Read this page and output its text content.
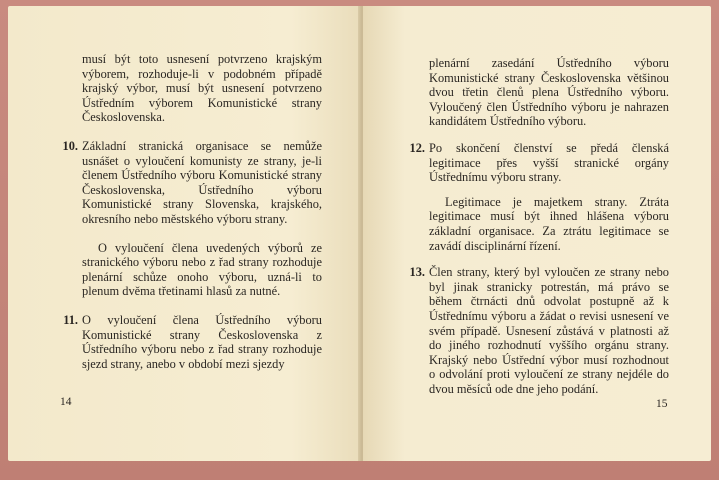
musí být toto usnesení potvrzeno krajským výborem, rozhoduje-li v podobném případě krajský výbor, musí být usnesení potvrzeno Ústředním výborem Komunistické strany Československa.

10. Základní stranická organisace se nemůže usnášet o vyloučení komunisty ze strany, je-li členem Ústředního výboru Komunistické strany Československa, Ústředního výboru Komunistické strany Slovenska, krajského, okresního nebo městského výboru strany.

O vyloučení člena uvedených výborů ze stranického výboru nebo z řad strany rozhoduje plenární schůze onoho výboru, uzná-li to plenum dvěma třetinami hlasů za nutné.

11. O vyloučení člena Ústředního výboru Komunistické strany Československa z Ústředního výboru nebo z řad strany rozhoduje sjezd strany, anebo v období mezi sjezdy
14

plenární zasedání Ústředního výboru Komunistické strany Československa většinou dvou třetin členů plena Ústředního výboru. Vyloučený člen Ústředního výboru je nahrazen kandidátem Ústředního výboru.

12. Po skončení členství se předá členská legitimace přes vyšší stranické orgány Ústřednímu výboru strany.

Legitimace je majetkem strany. Ztráta legitimace musí být ihned hlášena výboru základní organisace. Za ztrátu legitimace se zavádí disciplinární řízení.

13. Člen strany, který byl vyloučen ze strany nebo byl jinak stranicky potrestán, má právo se během čtrnácti dnů odvolat postupně až k Ústřednímu výboru a žádat o revisi usnesení ve svém případě. Usnesení zůstává v platnosti až do jiného rozhodnutí vyššího orgánu strany. Krajský nebo Ústřední výbor musí rozhodnout o odvolání proti vyloučení ze strany nejdéle do dvou měsíců ode dne jeho podání.
15
